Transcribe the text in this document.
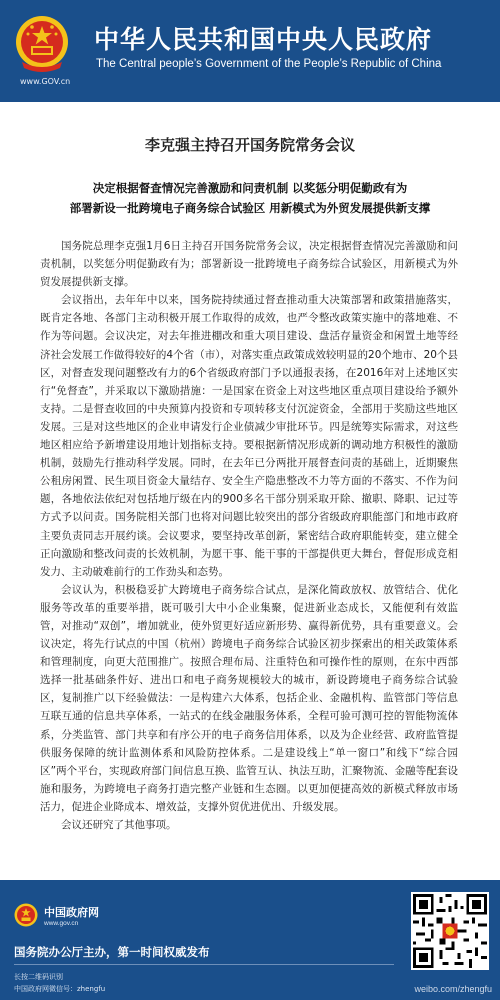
www.GOV.cn
中华人民共和国中央人民政府
The Central people’s Government of the People’s Republic of China
李克强主持召开国务院常务会议
决定根据督查情况完善激励和问责机制 以奖惩分明促勤政有为
部署新设一批跨境电子商务综合试验区 用新模式为外贸发展提供新支撑

国务院总理李克强1月6日主持召开国务院常务会议，决定根据督查情况完善激励和问责机制，以奖惩分明促勤政有为；部署新设一批跨境电子商务综合试验区，用新模式为外贸发展提供新支撑。

会议指出，去年年中以来，国务院持续通过督查推动重大决策部署和政策措施落实，既肯定各地、各部门主动积极开展工作取得的成效，也严令整改政策实施中的落地难、不作为等问题。会议决定，对去年推进棚改和重大项目建设、盘活存量资金和闲置土地等经济社会发展工作做得较好的4个省（市），对落实重点政策成效较明显的20个地市、20个县区，对督查发现问题整改有力的6个省级政府部门予以通报表扬，在2016年对上述地区实行“免督查”，并采取以下激励措施：一是国家在资金上对这些地区重点项目建设给予额外支持。二是督查收回的中央预算内投资和专项转移支付沉淀资金，全部用于奖励这些地区发展。三是对这些地区的企业申请发行企业债减少审批环节。四是统筹实际需求，对这些地区相应给予新增建设用地计划指标支持。要根据新情况形成新的调动地方积极性的激励机制，鼓励先行推动科学发展。同时，在去年已分两批开展督查问责的基础上，近期聚焦公租房闲置、民生项目资金大量结存、安全生产隐患整改不力等方面的不落实、不作为问题，各地依法依纪对包括地厅级在内的900多名干部分别采取开除、撤职、降职、记过等方式予以问责。国务院相关部门也将对问题比较突出的部分省级政府职能部门和地市政府主要负责同志开展约谈。会议要求，要坚持改革创新，紧密结合政府职能转变，建立健全正向激励和整改问责的长效机制，为愿干事、能干事的干部提供更大舞台，督促形成竞相发力、主动破难前行的工作劲头和态势。

会议认为，积极稳妥扩大跨境电子商务综合试点，是深化简政放权、放管结合、优化服务等改革的重要举措，既可吸引大中小企业集聚，促进新业态成长，又能便利有效监管，对推动“双创”，增加就业，使外贸更好适应新形势、赢得新优势，具有重要意义。会议决定，将先行试点的中国（杭州）跨境电子商务综合试验区初步探索出的相关政策体系和管理制度，向更大范围推广。按照合理布局、注重特色和可操作性的原则，在东中西部选择一批基础条件好、进出口和电子商务规模较大的城市，新设跨境电子商务综合试验区，复制推广以下经验做法：一是构建六大体系，包括企业、金融机构、监管部门等信息互联互通的信息共享体系，一站式的在线金融服务体系，全程可验可测可控的智能物流体系，分类监管、部门共享和有序公开的电子商务信用体系，以及为企业经营、政府监管提供服务保障的统计监测体系和风险防控体系。二是建设线上“单一窗口”和线下“综合园区”两个平台，实现政府部门间信息互换、监管互认、执法互助，汇聚物流、金融等配套设施和服务，为跨境电子商务打造完整产业链和生态圈。以更加便捷高效的新模式释放市场活力，促进企业降成本、增效益，支撑外贸优进优出、升级发展。

会议还研究了其他事项。

中国政府网
www.gov.cn
国务院办公厅主办，第一时间权威发布
长按二维码识别
中国政府网微信号：zhengfu	weibo.com/zhengfu
